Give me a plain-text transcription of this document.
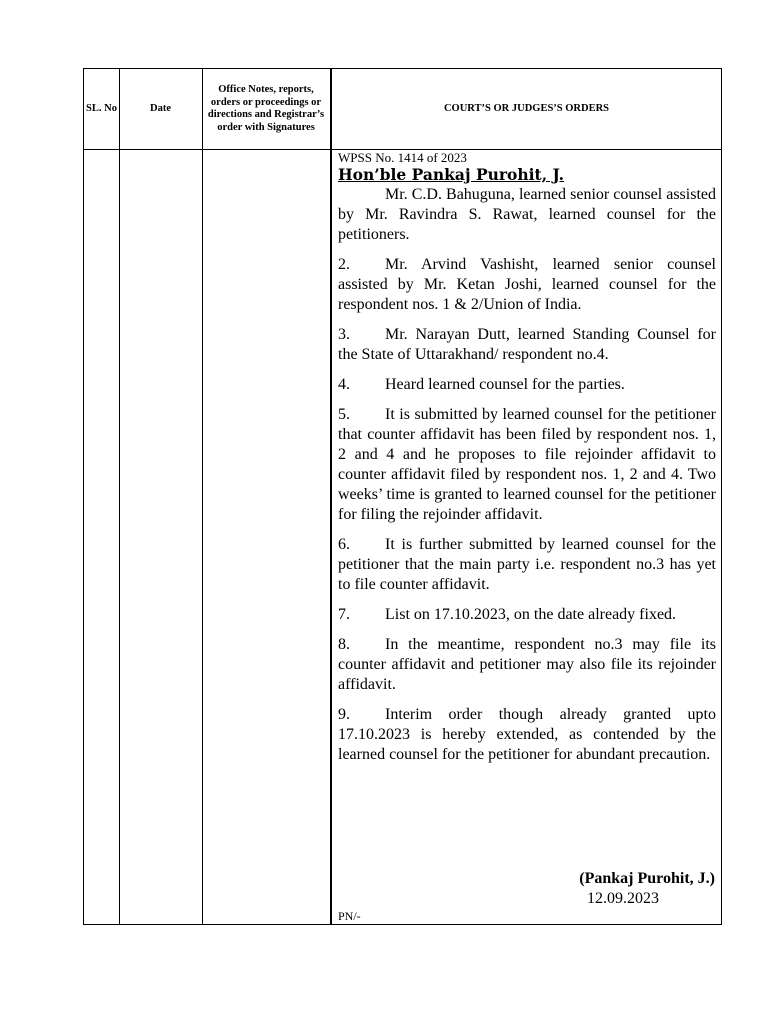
SL. No	Date
Office Notes, reports, orders or proceedings or directions and Registrar’s order with Signatures
COURT’S OR JUDGES’S ORDERS

WPSS No. 1414 of 2023

Hon’ble Pankaj Purohit, J.

Mr. C.D. Bahuguna, learned senior counsel assisted by Mr. Ravindra S. Rawat, learned counsel for the petitioners.

2. Mr. Arvind Vashisht, learned senior counsel assisted by Mr. Ketan Joshi, learned counsel for the respondent nos. 1 & 2/Union of India.

3. Mr. Narayan Dutt, learned Standing Counsel for the State of Uttarakhand/ respondent no.4.

4. Heard learned counsel for the parties.

5. It is submitted by learned counsel for the petitioner that counter affidavit has been filed by respondent nos. 1, 2 and 4 and he proposes to file rejoinder affidavit to counter affidavit filed by respondent nos. 1, 2 and 4. Two weeks’ time is granted to learned counsel for the petitioner for filing the rejoinder affidavit.

6. It is further submitted by learned counsel for the petitioner that the main party i.e. respondent no.3 has yet to file counter affidavit.

7. List on 17.10.2023, on the date already fixed.

8. In the meantime, respondent no.3 may file its counter affidavit and petitioner may also file its rejoinder affidavit.

9. Interim order though already granted upto 17.10.2023 is hereby extended, as contended by the learned counsel for the petitioner for abundant precaution.

(Pankaj Purohit, J.)
12.09.2023
PN/-
